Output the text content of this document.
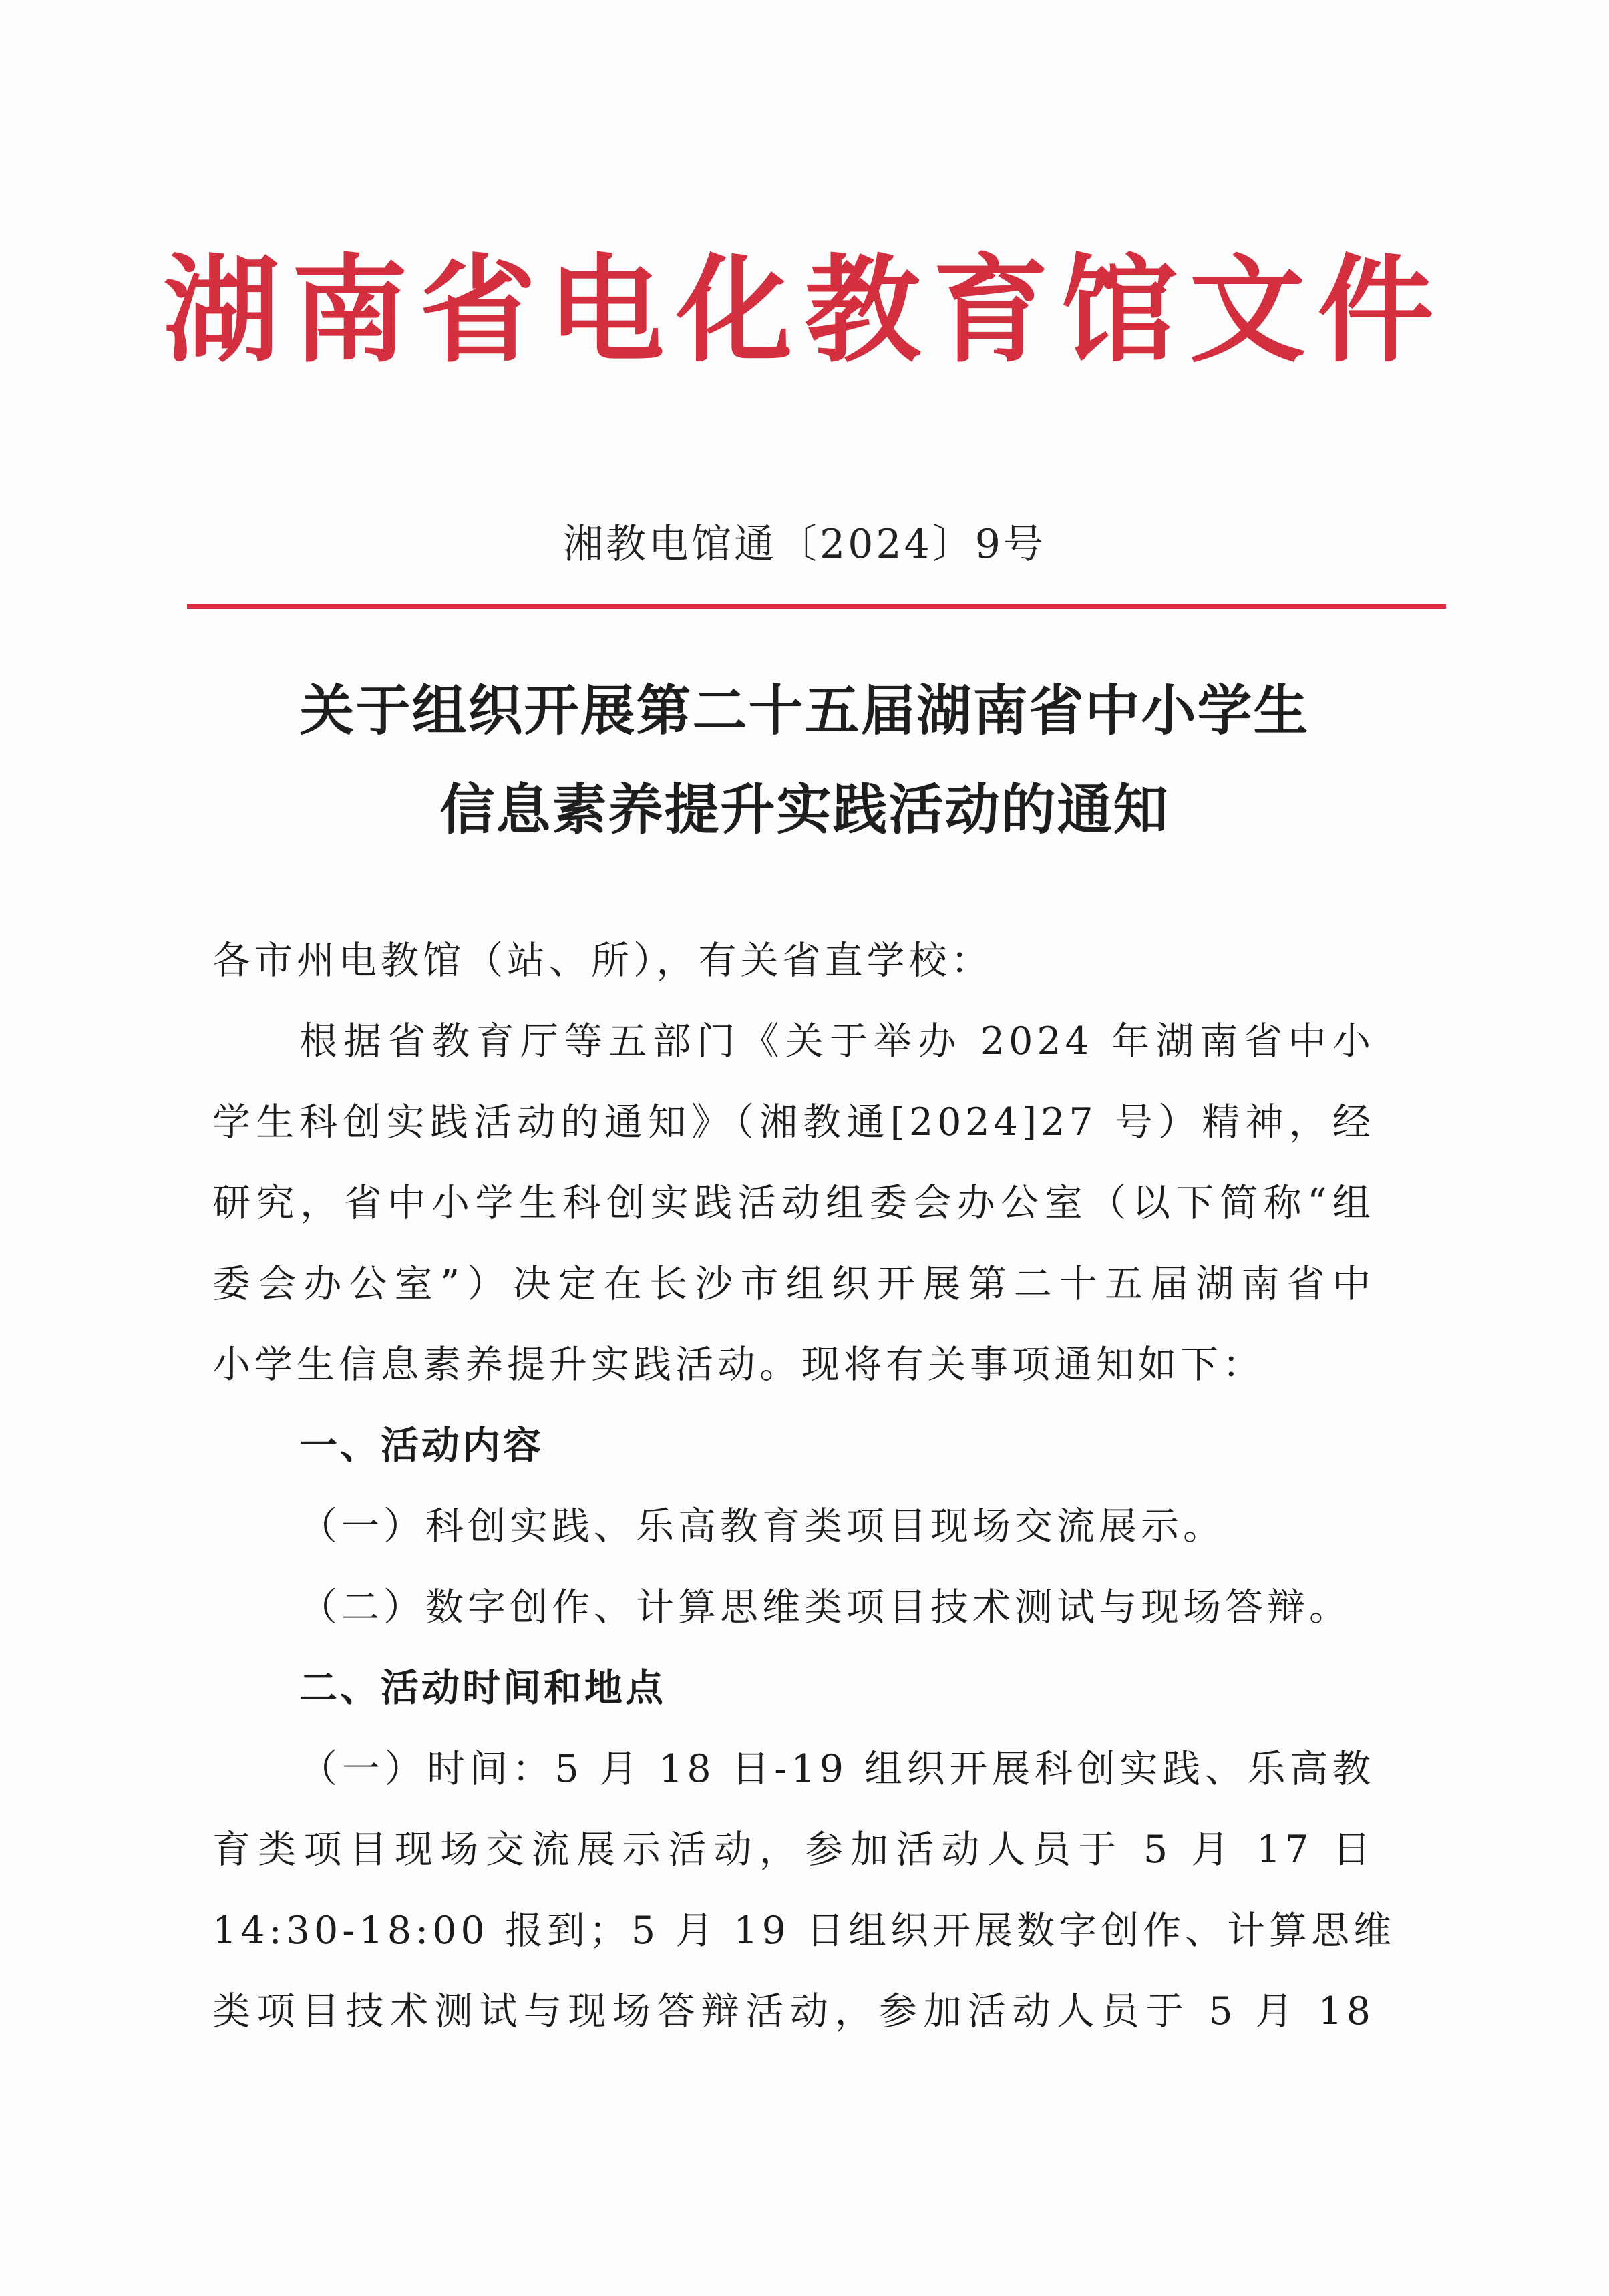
湖南省电化教育馆文件
湘教电馆通〔2024〕9号
关于组织开展第二十五届湖南省中小学生
信息素养提升实践活动的通知
各市州电教馆（站、所），有关省直学校：
根据省教育厅等五部门《关于举办 2024 年湖南省中小
学生科创实践活动的通知》（湘教通[2024]27 号）精神，经
研究，省中小学生科创实践活动组委会办公室（以下简称“组
委会办公室”）决定在长沙市组织开展第二十五届湖南省中
小学生信息素养提升实践活动。现将有关事项通知如下：
一、活动内容
（一）科创实践、乐高教育类项目现场交流展示。
（二）数字创作、计算思维类项目技术测试与现场答辩。
二、活动时间和地点
（一）时间：5 月 18 日-19 组织开展科创实践、乐高教
育类项目现场交流展示活动，参加活动人员于 5 月 17 日
14:30-18:00 报到；5 月 19 日组织开展数字创作、计算思维
类项目技术测试与现场答辩活动，参加活动人员于 5 月 18
